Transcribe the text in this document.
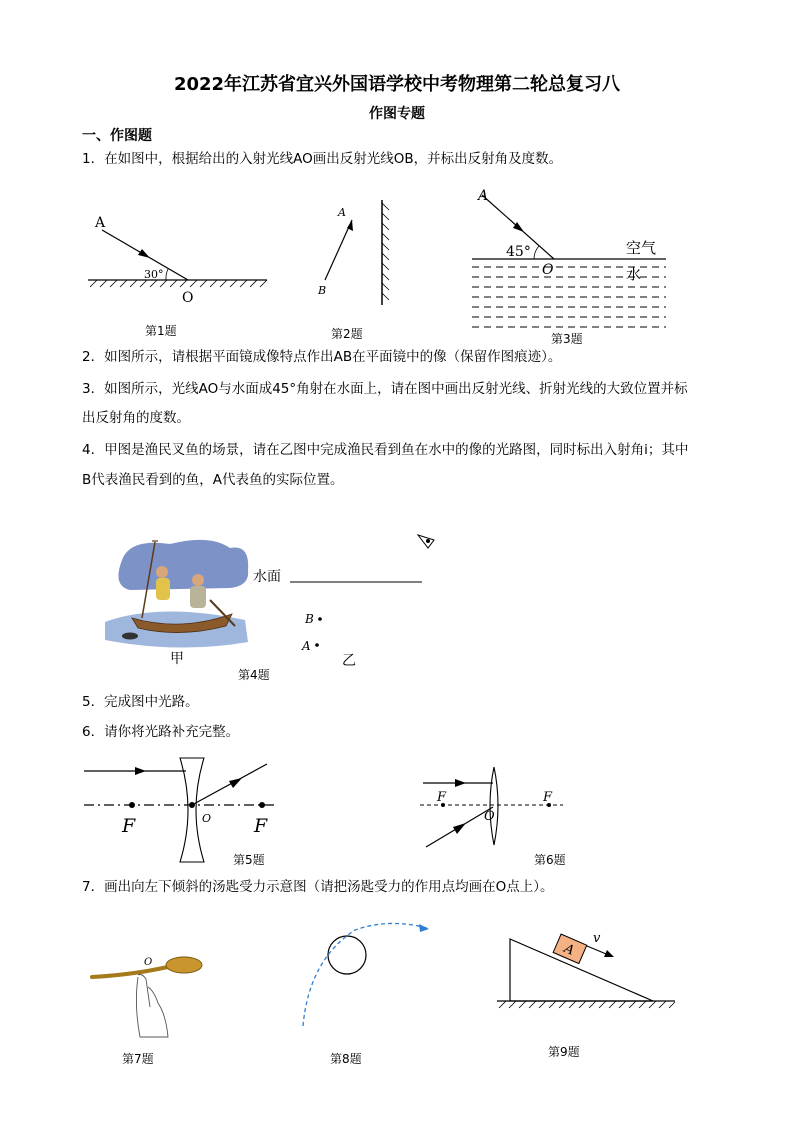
2022年江苏省宜兴外国语学校中考物理第二轮总复习八
作图专题
一、作图题
1．在如图中，根据给出的入射光线AO画出反射光线OB，并标出反射角及度数。
A
30°
O
第1题
A
B
第2题
A
45°
O
空气
水
第3题
2．如图所示，请根据平面镜成像特点作出AB在平面镜中的像（保留作图痕迹）。
3．如图所示，光线AO与水面成45°角射在水面上，请在图中画出反射光线、折射光线的大致位置并标
出反射角的度数。
4．甲图是渔民叉鱼的场景，请在乙图中完成渔民看到鱼在水中的像的光路图，同时标出入射角i；其中
B代表渔民看到的鱼，A代表鱼的实际位置。
甲
水面
B
A
乙
第4题
5．完成图中光路。
6．请你将光路补充完整。
F	O F
第5题
F
O
F
第6题
7．画出向左下倾斜的汤匙受力示意图（请把汤匙受力的作用点均画在O点上）。
O
第7题	第8题
A
v
第9题
